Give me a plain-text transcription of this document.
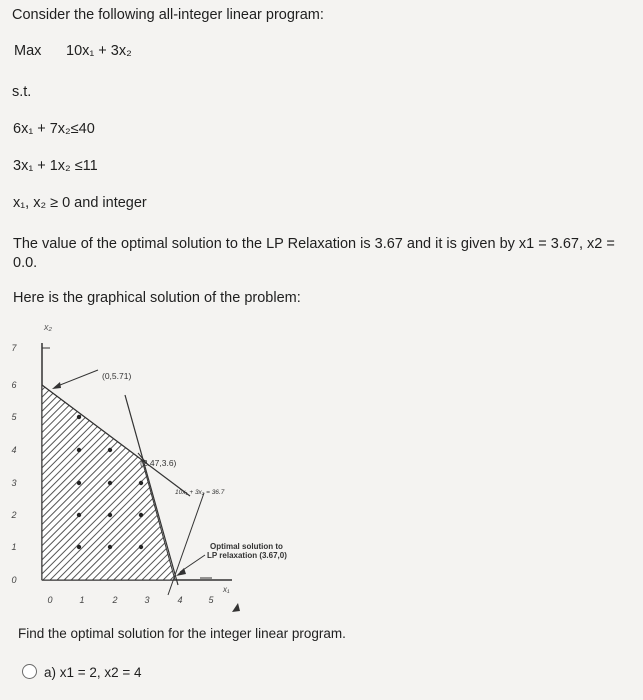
Consider the following all-integer linear program:
Max 10x₁ + 3x₂
s.t.
6x₁ + 7x₂≤40
3x₁ + 1x₂ ≤11
x₁, x₂ ≥ 0 and integer
The value of the optimal solution to the LP Relaxation is 3.67 and it is given by x1 = 3.67, x2 =
0.0.
Here is the graphical solution of the problem:
x₂
7
6
5
4
3
2
1
0
0	1	2	3	4	5
(0,5.71)
(2.47,3.6)
10x₁ + 3x₂ = 36.7
Optimal solution to
LP relaxation (3.67,0)
x₁
Find the optimal solution for the integer linear program.
a) x1 = 2, x2 = 4
